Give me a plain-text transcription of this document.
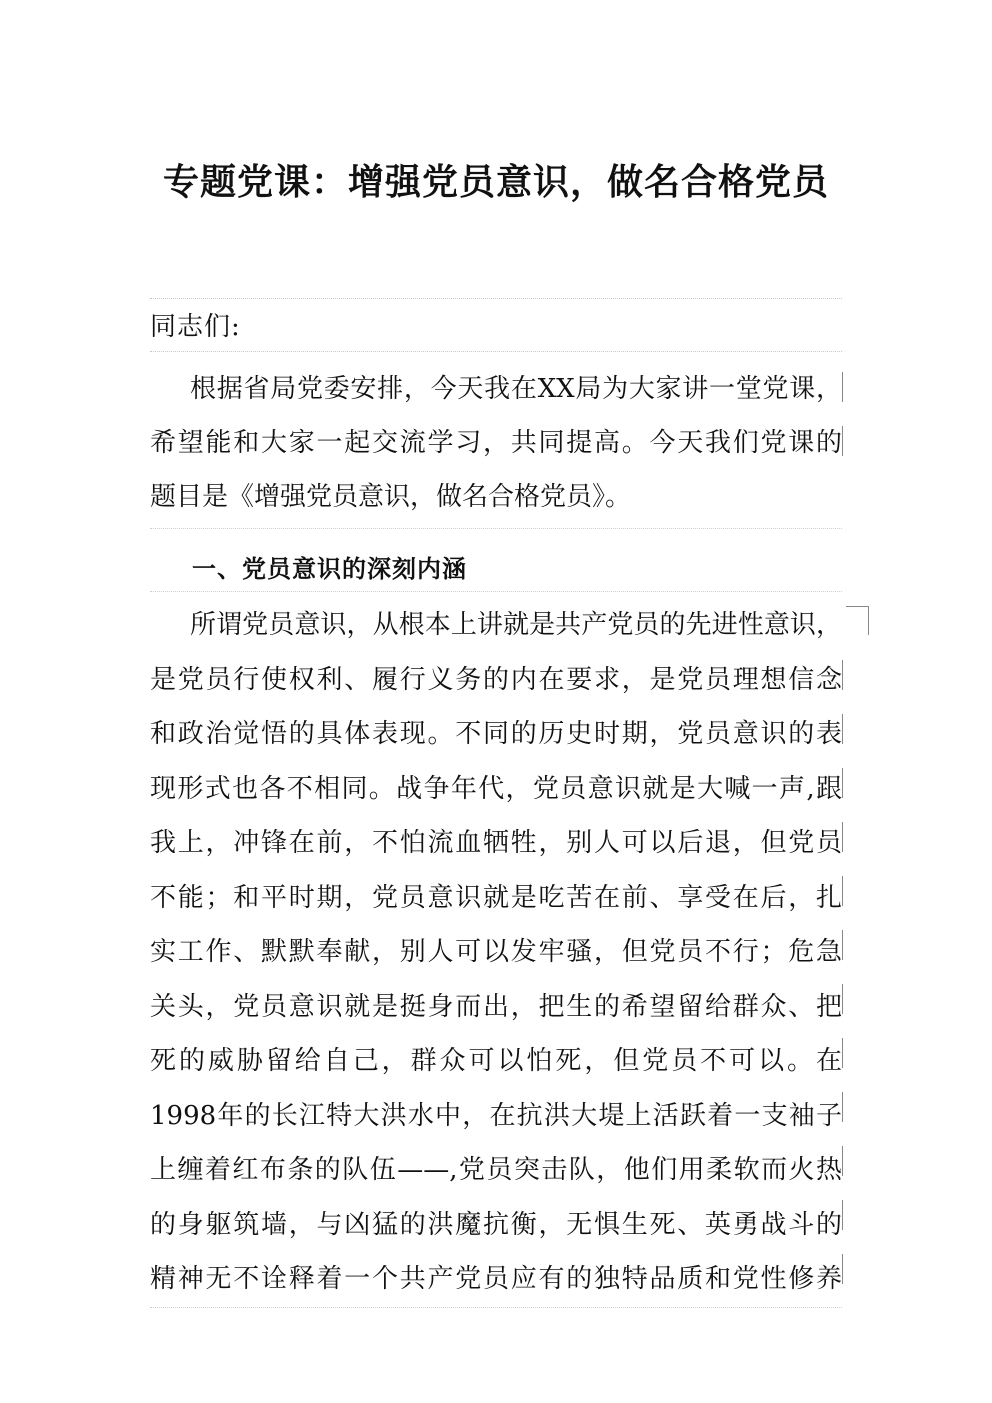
专题党课：增强党员意识，做名合格党员
同志们:
根据省局党委安排，今天我在XX局为大家讲一堂党课，
希望能和大家一起交流学习，共同提高。今天我们党课的
题目是《增强党员意识，做名合格党员》。
一、党员意识的深刻内涵
所谓党员意识，从根本上讲就是共产党员的先进性意识，
是党员行使权利、履行义务的内在要求，是党员理想信念
和政治觉悟的具体表现。不同的历史时期，党员意识的表
现形式也各不相同。战争年代，党员意识就是大喊一声,跟
我上，冲锋在前，不怕流血牺牲，别人可以后退，但党员
不能；和平时期，党员意识就是吃苦在前、享受在后，扎
实工作、默默奉献，别人可以发牢骚，但党员不行；危急
关头，党员意识就是挺身而出，把生的希望留给群众、把
死的威胁留给自己，群众可以怕死，但党员不可以。在
1998年的长江特大洪水中，在抗洪大堤上活跃着一支袖子
上缠着红布条的队伍——,党员突击队，他们用柔软而火热
的身躯筑墙，与凶猛的洪魔抗衡，无惧生死、英勇战斗的
精神无不诠释着一个共产党员应有的独特品质和党性修养
